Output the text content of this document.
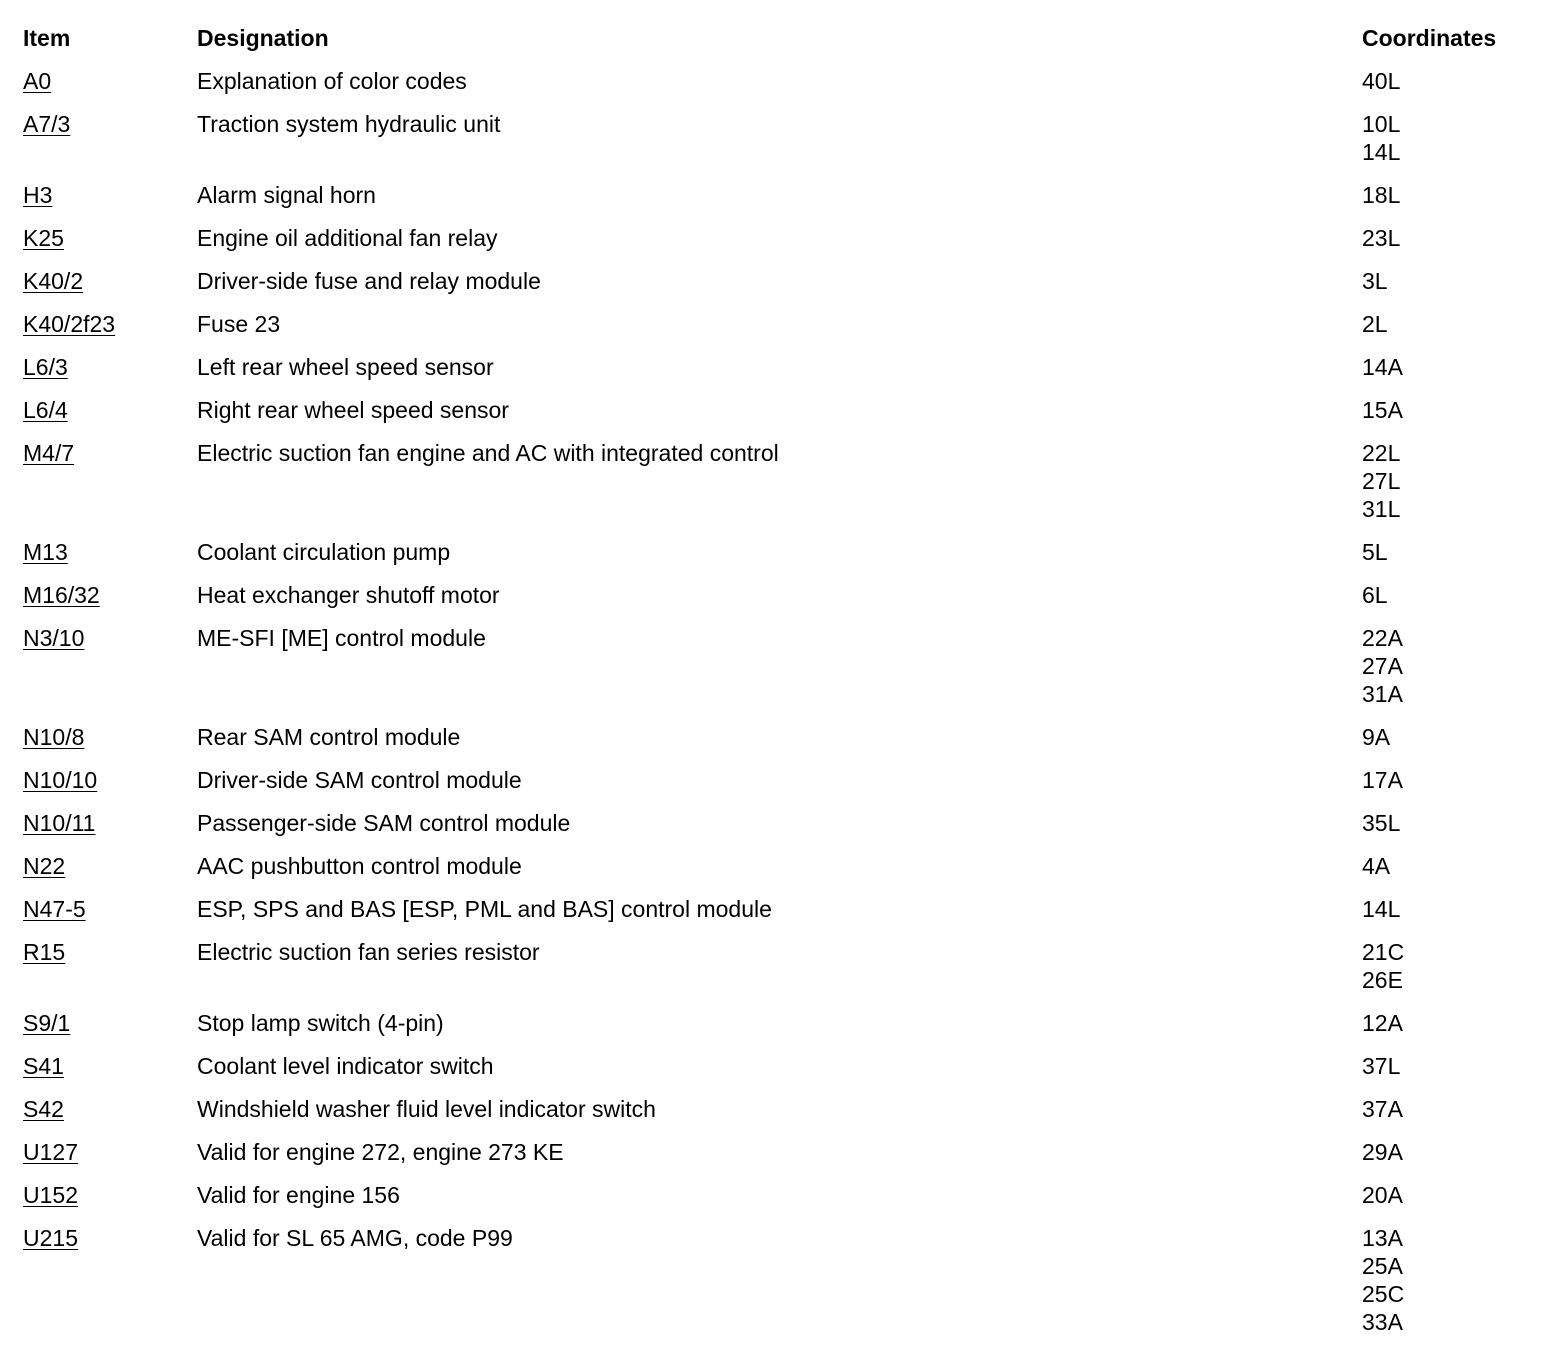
Item	Designation	Coordinates
A0	Explanation of color codes	40L

A7/3	Traction system hydraulic unit	10L
14L

H3	Alarm signal horn	18L

K25	Engine oil additional fan relay	23L

K40/2	Driver-side fuse and relay module	3L

K40/2f23	Fuse 23	2L

L6/3	Left rear wheel speed sensor	14A

L6/4	Right rear wheel speed sensor	15A

M4/7	Electric suction fan engine and AC with integrated control	22L
27L
31L

M13	Coolant circulation pump	5L

M16/32	Heat exchanger shutoff motor	6L

N3/10	ME-SFI [ME] control module	22A
27A
31A

N10/8	Rear SAM control module	9A

N10/10	Driver-side SAM control module	17A

N10/11	Passenger-side SAM control module	35L

N22	AAC pushbutton control module	4A

N47-5	ESP, SPS and BAS [ESP, PML and BAS] control module	14L

R15	Electric suction fan series resistor	21C
26E

S9/1	Stop lamp switch (4-pin)	12A

S41	Coolant level indicator switch	37L

S42	Windshield washer fluid level indicator switch	37A

U127	Valid for engine 272, engine 273 KE	29A

U152	Valid for engine 156	20A

U215	Valid for SL 65 AMG, code P99	13A
25A
25C
33A
